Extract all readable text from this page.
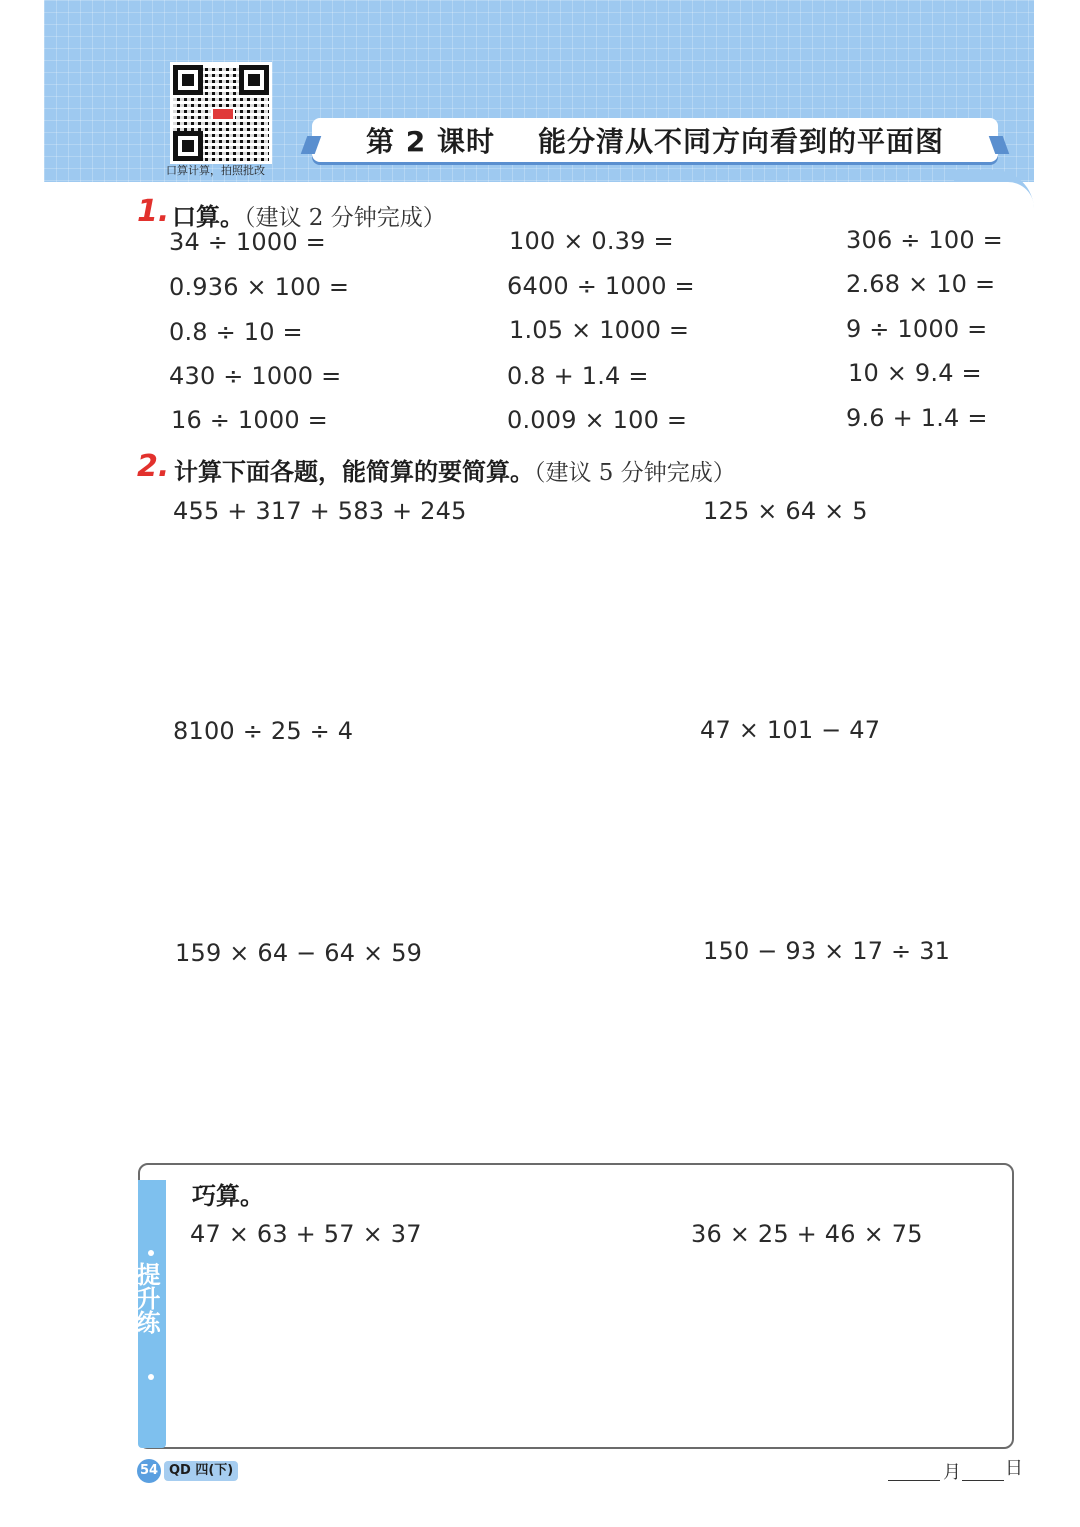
口算计算，拍照批改
第 2 课时    能分清从不同方向看到的平面图
1. 口算。（建议 2 分钟完成）
34 ÷ 1000 =	100 × 0.39 =	306 ÷ 100 =
0.936 × 100 =	6400 ÷ 1000 =	2.68 × 10 =
0.8 ÷ 10 =	1.05 × 1000 =	9 ÷ 1000 =
430 ÷ 1000 =	0.8 + 1.4 =	10 × 9.4 =
16 ÷ 1000 =	0.009 × 100 =	9.6 + 1.4 =
2. 计算下面各题，能简算的要简算。（建议 5 分钟完成）
455 + 317 + 583 + 245	125 × 64 × 5
8100 ÷ 25 ÷ 4	47 × 101 − 47
159 × 64 − 64 × 59	150 − 93 × 17 ÷ 31
提升练
巧算。
47 × 63 + 57 × 37	36 × 25 + 46 × 75
54 QD 四(下)	月 日
